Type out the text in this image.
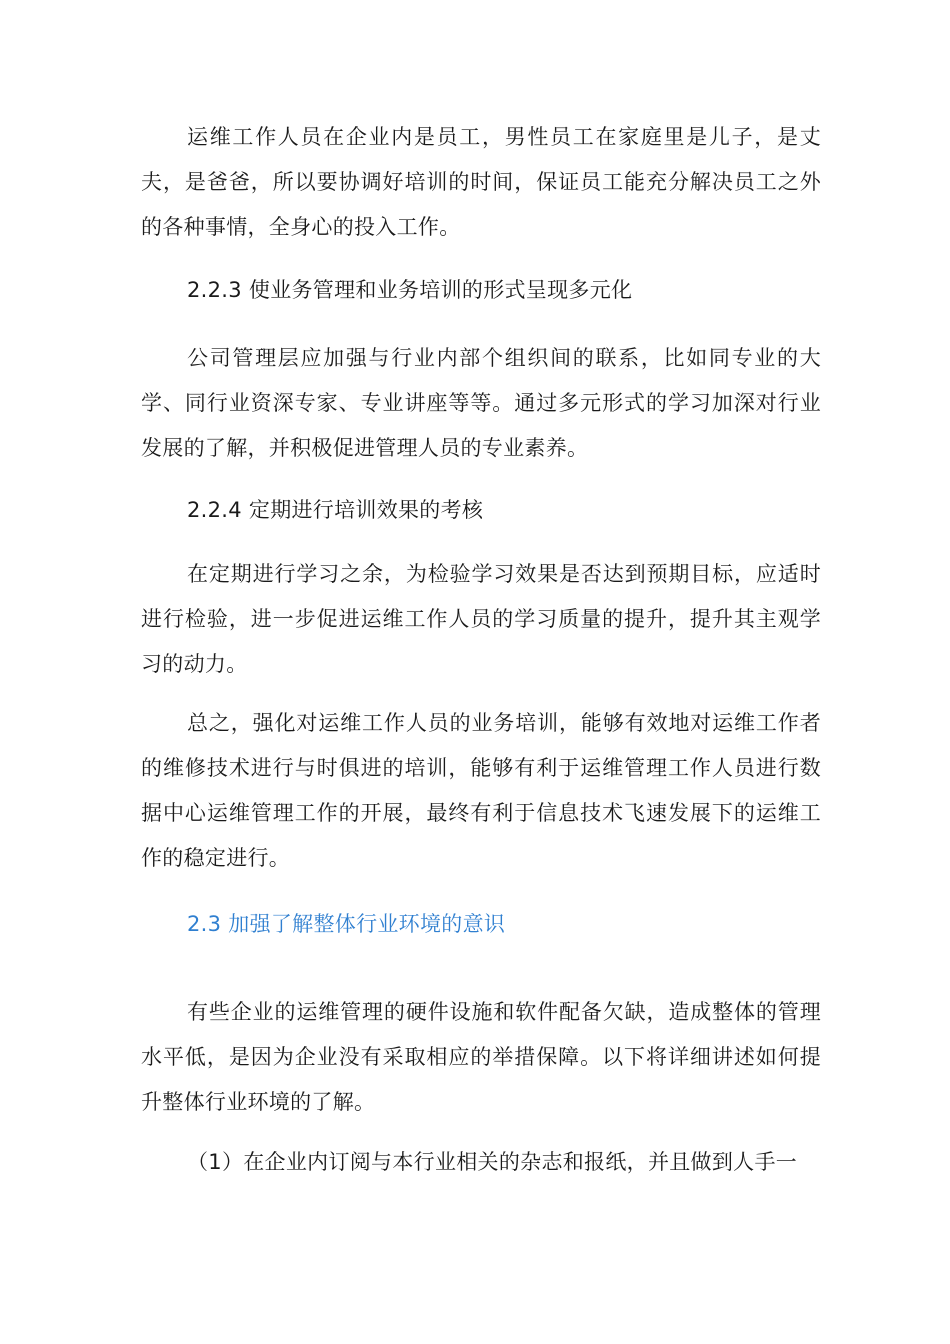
运维工作人员在企业内是员工，男性员工在家庭里是儿子，是丈夫，是爸爸，所以要协调好培训的时间，保证员工能充分解决员工之外的各种事情，全身心的投入工作。

2.2.3 使业务管理和业务培训的形式呈现多元化

公司管理层应加强与行业内部个组织间的联系，比如同专业的大学、同行业资深专家、专业讲座等等。通过多元形式的学习加深对行业发展的了解，并积极促进管理人员的专业素养。

2.2.4 定期进行培训效果的考核

在定期进行学习之余，为检验学习效果是否达到预期目标，应适时进行检验，进一步促进运维工作人员的学习质量的提升，提升其主观学习的动力。

总之，强化对运维工作人员的业务培训，能够有效地对运维工作者的维修技术进行与时俱进的培训，能够有利于运维管理工作人员进行数据中心运维管理工作的开展，最终有利于信息技术飞速发展下的运维工作的稳定进行。

2.3 加强了解整体行业环境的意识

有些企业的运维管理的硬件设施和软件配备欠缺，造成整体的管理水平低，是因为企业没有采取相应的举措保障。以下将详细讲述如何提升整体行业环境的了解。

（1）在企业内订阅与本行业相关的杂志和报纸，并且做到人手一
